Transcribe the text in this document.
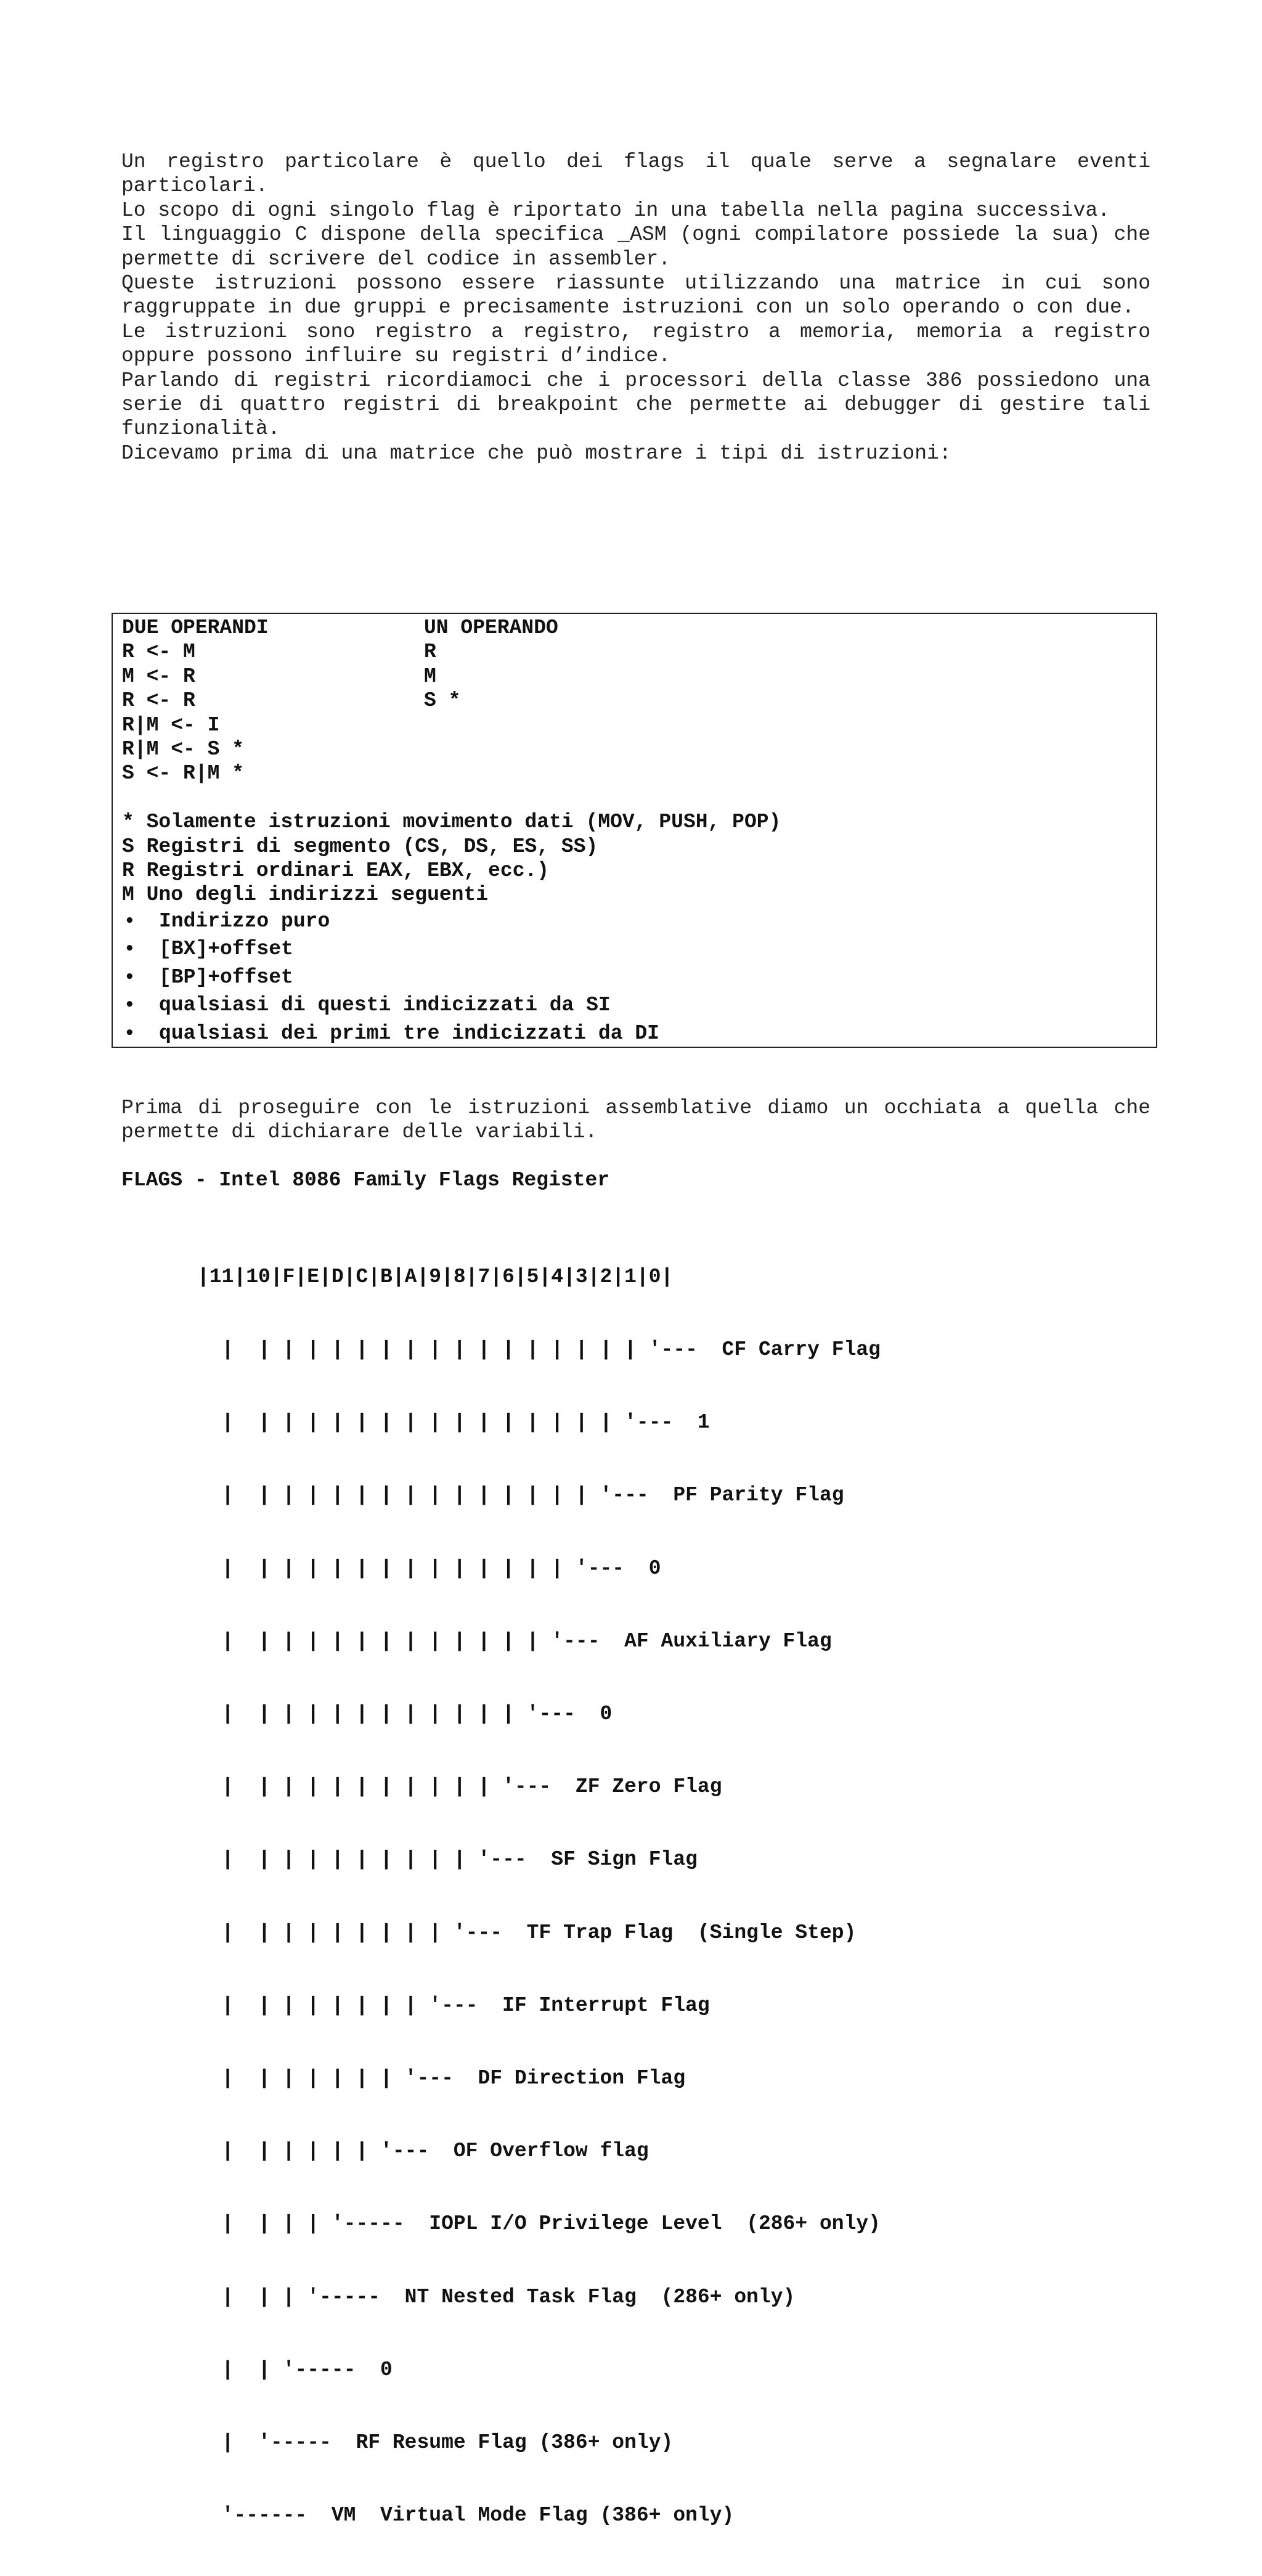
Un registro particolare è quello dei flags il quale serve a segnalare eventi particolari.

Lo scopo di ogni singolo flag è riportato in una tabella nella pagina successiva.

Il linguaggio C dispone della specifica _ASM (ogni compilatore possiede la sua) che permette di scrivere del codice in assembler.

Queste istruzioni possono essere riassunte utilizzando una matrice in cui sono raggruppate in due gruppi e precisamente istruzioni con un solo operando o con due.

Le istruzioni sono registro a registro, registro a memoria, memoria a registro oppure possono influire su registri d’indice.

Parlando di registri ricordiamoci che i processori della classe 386 possiedono una serie di quattro registri di breakpoint che permette ai debugger di gestire tali funzionalità.

Dicevamo prima di una matrice che può mostrare i tipi di istruzioni:

DUE OPERANDI	UN OPERANDO
R <- M	R
M <- R	M
R <- R	S *
R|M <- I
R|M <- S *
S <- R|M *
* Solamente istruzioni movimento dati (MOV, PUSH, POP)
S Registri di segmento (CS, DS, ES, SS)
R Registri ordinari EAX, EBX, ecc.)
M Uno degli indirizzi seguenti
•	Indirizzo puro
•	[BX]+offset
•	[BP]+offset
•	qualsiasi di questi indicizzati da SI
•	qualsiasi dei primi tre indicizzati da DI

Prima di proseguire con le istruzioni assemblative diamo un occhiata a quella che permette di dichiarare delle variabili.

FLAGS - Intel 8086 Family Flags Register

|11|10|F|E|D|C|B|A|9|8|7|6|5|4|3|2|1|0|

|  | | | | | | | | | | | | | | | | '---  CF Carry Flag

|  | | | | | | | | | | | | | | | '---  1

|  | | | | | | | | | | | | | | '---  PF Parity Flag

|  | | | | | | | | | | | | | '---  0

|  | | | | | | | | | | | | '---  AF Auxiliary Flag

|  | | | | | | | | | | | '---  0

|  | | | | | | | | | | '---  ZF Zero Flag

|  | | | | | | | | | '---  SF Sign Flag

|  | | | | | | | | '---  TF Trap Flag  (Single Step)

|  | | | | | | | '---  IF Interrupt Flag

|  | | | | | | '---  DF Direction Flag

|  | | | | | '---  OF Overflow flag

|  | | | '-----  IOPL I/O Privilege Level  (286+ only)

|  | | '-----  NT Nested Task Flag  (286+ only)

|  | '-----  0

|  '-----  RF Resume Flag (386+ only)

'------  VM  Virtual Mode Flag (386+ only)
